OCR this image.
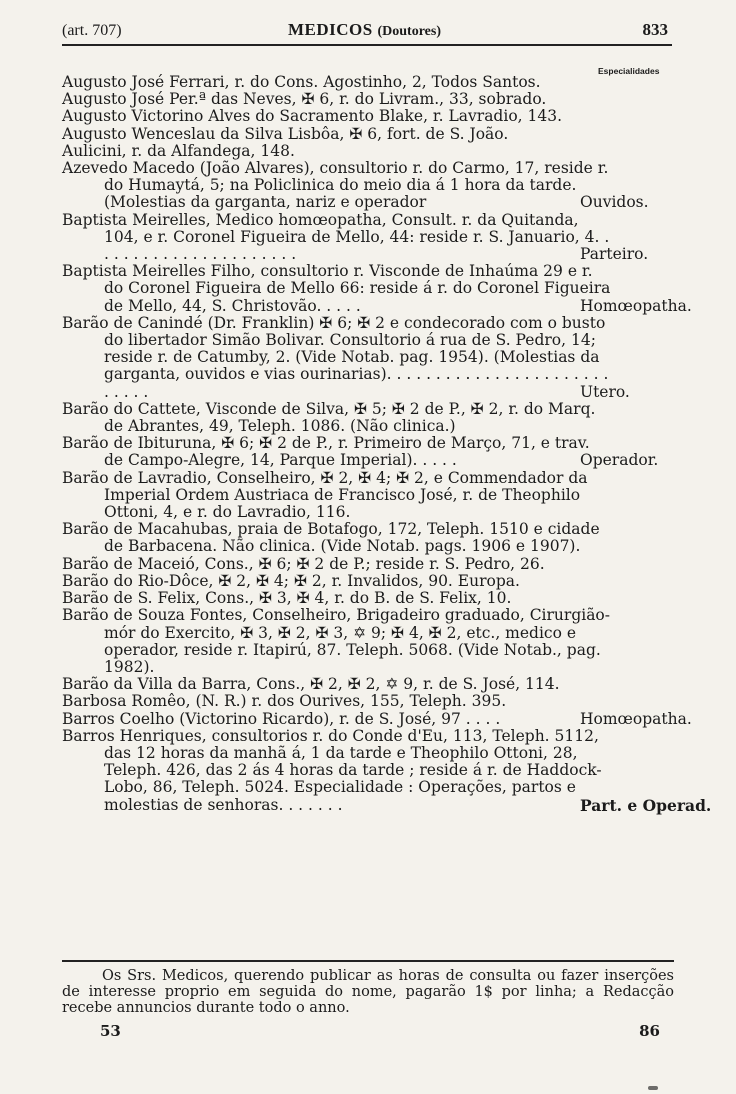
(art. 707)	MEDICOS (Doutores)	833
Especialidades
Augusto José Ferrari, r. do Cons. Agostinho, 2, Todos Santos.
Augusto José Per.ª das Neves, ✠ 6, r. do Livram., 33, sobrado.
Augusto Victorino Alves do Sacramento Blake, r. Lavradio, 143.
Augusto Wenceslau da Silva Lisbôa, ✠ 6, fort. de S. João.
Aulicini, r. da Alfandega, 148.
Azevedo Macedo (João Alvares), consultorio r. do Carmo, 17, reside r. do Humaytá, 5; na Policlinica do meio dia á 1 hora da tarde. (Molestias da garganta, nariz e operador	Ouvidos.
Baptista Meirelles, Medico homœopatha, Consult. r. da Quitanda, 104, e r. Coronel Figueira de Mello, 44: reside r. S. Januario, 4. . . . . . . . . . . . . . . . . . . . . .	Parteiro.
Baptista Meirelles Filho, consultorio r. Visconde de Inhaúma 29 e r. do Coronel Figueira de Mello 66: reside á r. do Coronel Figueira de Mello, 44, S. Christovão. . . . .	Homœopatha.
Barão de Canindé (Dr. Franklin) ✠ 6; ✠ 2 e condecorado com o busto do libertador Simão Bolivar. Consultorio á rua de S. Pedro, 14; reside r. de Catumby, 2. (Vide Notab. pag. 1954). (Molestias da garganta, ouvidos e vias ourinarias). . . . . . . . . . . . . . . . . . . . . . . . . . . .	Utero.
Barão do Cattete, Visconde de Silva, ✠ 5; ✠ 2 de P., ✠ 2, r. do Marq. de Abrantes, 49, Teleph. 1086. (Não clinica.)
Barão de Ibituruna, ✠ 6; ✠ 2 de P., r. Primeiro de Março, 71, e trav. de Campo-Alegre, 14, Parque Imperial). . . . .	Operador.
Barão de Lavradio, Conselheiro, ✠ 2, ✠ 4; ✠ 2, e Commendador da Imperial Ordem Austriaca de Francisco José, r. de Theophilo Ottoni, 4, e r. do Lavradio, 116.
Barão de Macahubas, praia de Botafogo, 172, Teleph. 1510 e cidade de Barbacena. Não clinica. (Vide Notab. pags. 1906 e 1907).
Barão de Maceió, Cons., ✠ 6; ✠ 2 de P.; reside r. S. Pedro, 26.
Barão do Rio-Dôce, ✠ 2, ✠ 4; ✠ 2, r. Invalidos, 90. Europa.
Barão de S. Felix, Cons., ✠ 3, ✠ 4, r. do B. de S. Felix, 10.
Barão de Souza Fontes, Conselheiro, Brigadeiro graduado, Cirurgião-mór do Exercito, ✠ 3, ✠ 2, ✠ 3, ✡ 9; ✠ 4, ✠ 2, etc., medico e operador, reside r. Itapirú, 87. Teleph. 5068. (Vide Notab., pag. 1982).
Barão da Villa da Barra, Cons., ✠ 2, ✠ 2, ✡ 9, r. de S. José, 114.
Barbosa Romêo, (N. R.) r. dos Ourives, 155, Teleph. 395.
Barros Coelho (Victorino Ricardo), r. de S. José, 97 . . . .	Homœopatha.
Barros Henriques, consultorios r. do Conde d'Eu, 113, Teleph. 5112, das 12 horas da manhã á, 1 da tarde e Theophilo Ottoni, 28, Teleph. 426, das 2 ás 4 horas da tarde ; reside á r. de Haddock-Lobo, 86, Teleph. 5024. Especialidade : Operações, partos e molestias de senhoras. . . . . . .	Part. e Operad.

Os Srs. Medicos, querendo publicar as horas de consulta ou fazer inserções de interesse proprio em seguida do nome, pagarão 1$ por linha; a Redacção recebe annuncios durante todo o anno.

53	86
